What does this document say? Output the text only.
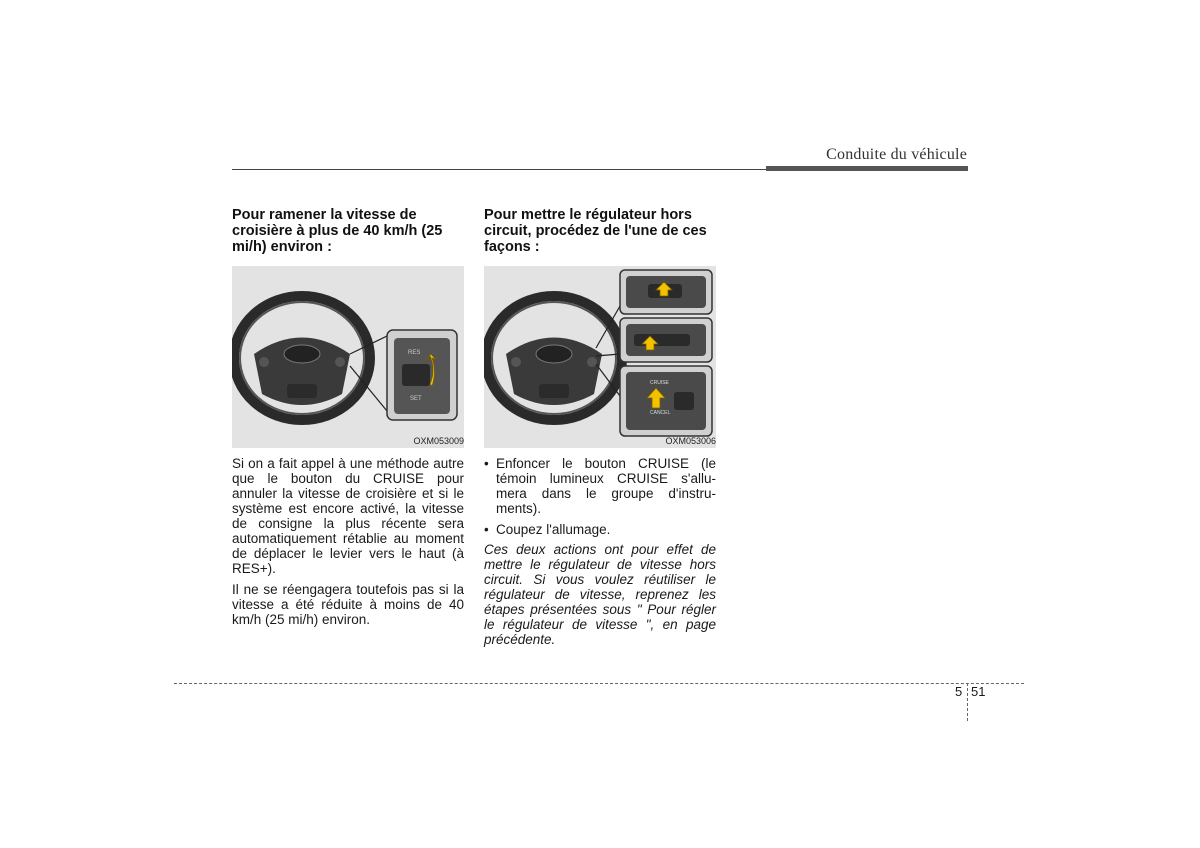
Conduite du véhicule
Pour ramener la vitesse de croisière à plus de 40 km/h (25 mi/h) environ :
RES
SET
OXM053009

Si on a fait appel à une méthode autre que le bouton du CRUISE pour annuler la vitesse de croisière et si le système est encore activé, la vitesse de consigne la plus récente sera automatiquement rétablie au moment de déplacer le levier vers le haut (à RES+).

Il ne se réengagera toutefois pas si la vitesse a été réduite à moins de 40 km/h (25 mi/h) environ.

Pour mettre le régulateur hors circuit, procédez de l'une de ces façons :
CRUISE
CANCEL
OXM053006
• Enfoncer le bouton CRUISE (le témoin lumineux CRUISE s'allu-mera dans le groupe d'instru-ments).
• Coupez l'allumage.

Ces deux actions ont pour effet de mettre le régulateur de vitesse hors circuit. Si vous voulez réutiliser le régulateur de vitesse, reprenez les étapes présentées sous " Pour régler le régulateur de vitesse ", en page précédente.

5 51
